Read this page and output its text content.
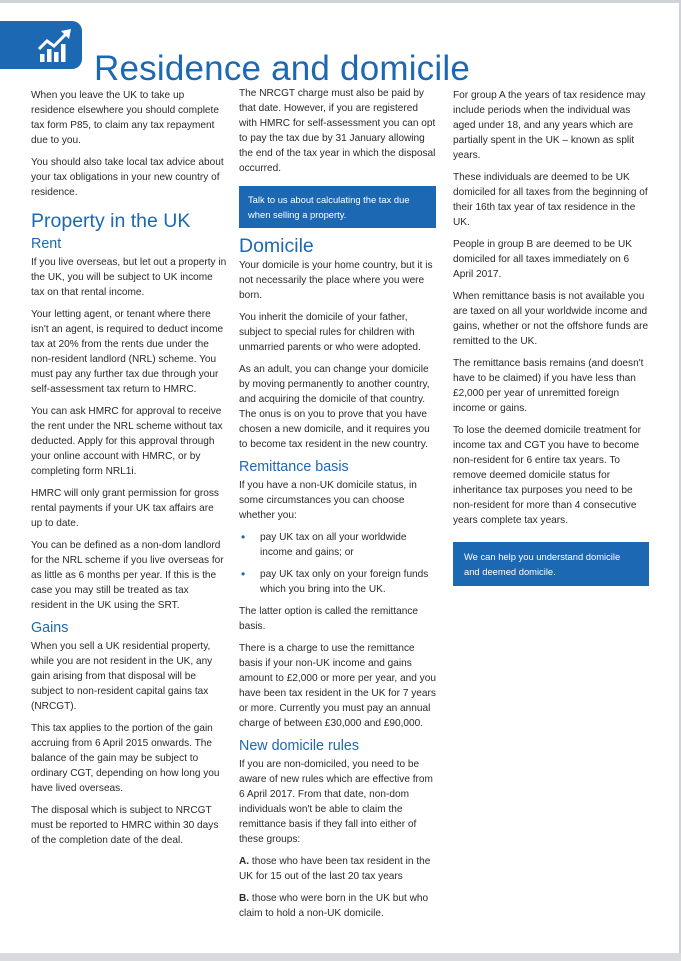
Residence and domicile

When you leave the UK to take up residence elsewhere you should complete tax form P85, to claim any tax repayment due to you.

You should also take local tax advice about your tax obligations in your new country of residence.

Property in the UK
Rent

If you live overseas, but let out a property in the UK, you will be subject to UK income tax on that rental income.

Your letting agent, or tenant where there isn't an agent, is required to deduct income tax at 20% from the rents due under the non-resident landlord (NRL) scheme. You must pay any further tax due through your self-assessment tax return to HMRC.

You can ask HMRC for approval to receive the rent under the NRL scheme without tax deducted. Apply for this approval through your online account with HMRC, or by completing form NRL1i.

HMRC will only grant permission for gross rental payments if your UK tax affairs are up to date.

You can be defined as a non-dom landlord for the NRL scheme if you live overseas for as little as 6 months per year. If this is the case you may still be treated as tax resident in the UK using the SRT.

Gains

When you sell a UK residential property, while you are not resident in the UK, any gain arising from that disposal will be subject to non-resident capital gains tax (NRCGT).

This tax applies to the portion of the gain accruing from 6 April 2015 onwards. The balance of the gain may be subject to ordinary CGT, depending on how long you have lived overseas.

The disposal which is subject to NRCGT must be reported to HMRC within 30 days of the completion date of the deal.

The NRCGT charge must also be paid by that date. However, if you are registered with HMRC for self-assessment you can opt to pay the tax due by 31 January allowing the end of the tax year in which the disposal occurred.

Talk to us about calculating the tax due when selling a property.
Domicile

Your domicile is your home country, but it is not necessarily the place where you were born.

You inherit the domicile of your father, subject to special rules for children with unmarried parents or who were adopted.

As an adult, you can change your domicile by moving permanently to another country, and acquiring the domicile of that country. The onus is on you to prove that you have chosen a new domicile, and it requires you to become tax resident in the new country.

Remittance basis

If you have a non-UK domicile status, in some circumstances you can choose whether you:

• pay UK tax on all your worldwide income and gains; or
• pay UK tax only on your foreign funds which you bring into the UK.

The latter option is called the remittance basis.

There is a charge to use the remittance basis if your non-UK income and gains amount to £2,000 or more per year, and you have been tax resident in the UK for 7 years or more. Currently you must pay an annual charge of between £30,000 and £90,000.

New domicile rules

If you are non-domiciled, you need to be aware of new rules which are effective from 6 April 2017. From that date, non-dom individuals won't be able to claim the remittance basis if they fall into either of these groups:

A. those who have been tax resident in the UK for 15 out of the last 20 tax years

B. those who were born in the UK but who claim to hold a non-UK domicile.

For group A the years of tax residence may include periods when the individual was aged under 18, and any years which are partially spent in the UK – known as split years.

These individuals are deemed to be UK domiciled for all taxes from the beginning of their 16th tax year of tax residence in the UK.

People in group B are deemed to be UK domiciled for all taxes immediately on 6 April 2017.

When remittance basis is not available you are taxed on all your worldwide income and gains, whether or not the offshore funds are remitted to the UK.

The remittance basis remains (and doesn't have to be claimed) if you have less than £2,000 per year of unremitted foreign income or gains.

To lose the deemed domicile treatment for income tax and CGT you have to become non-resident for 6 entire tax years. To remove deemed domicile status for inheritance tax purposes you need to be non-resident for more than 4 consecutive years complete tax years.

We can help you understand domicile and deemed domicile.
